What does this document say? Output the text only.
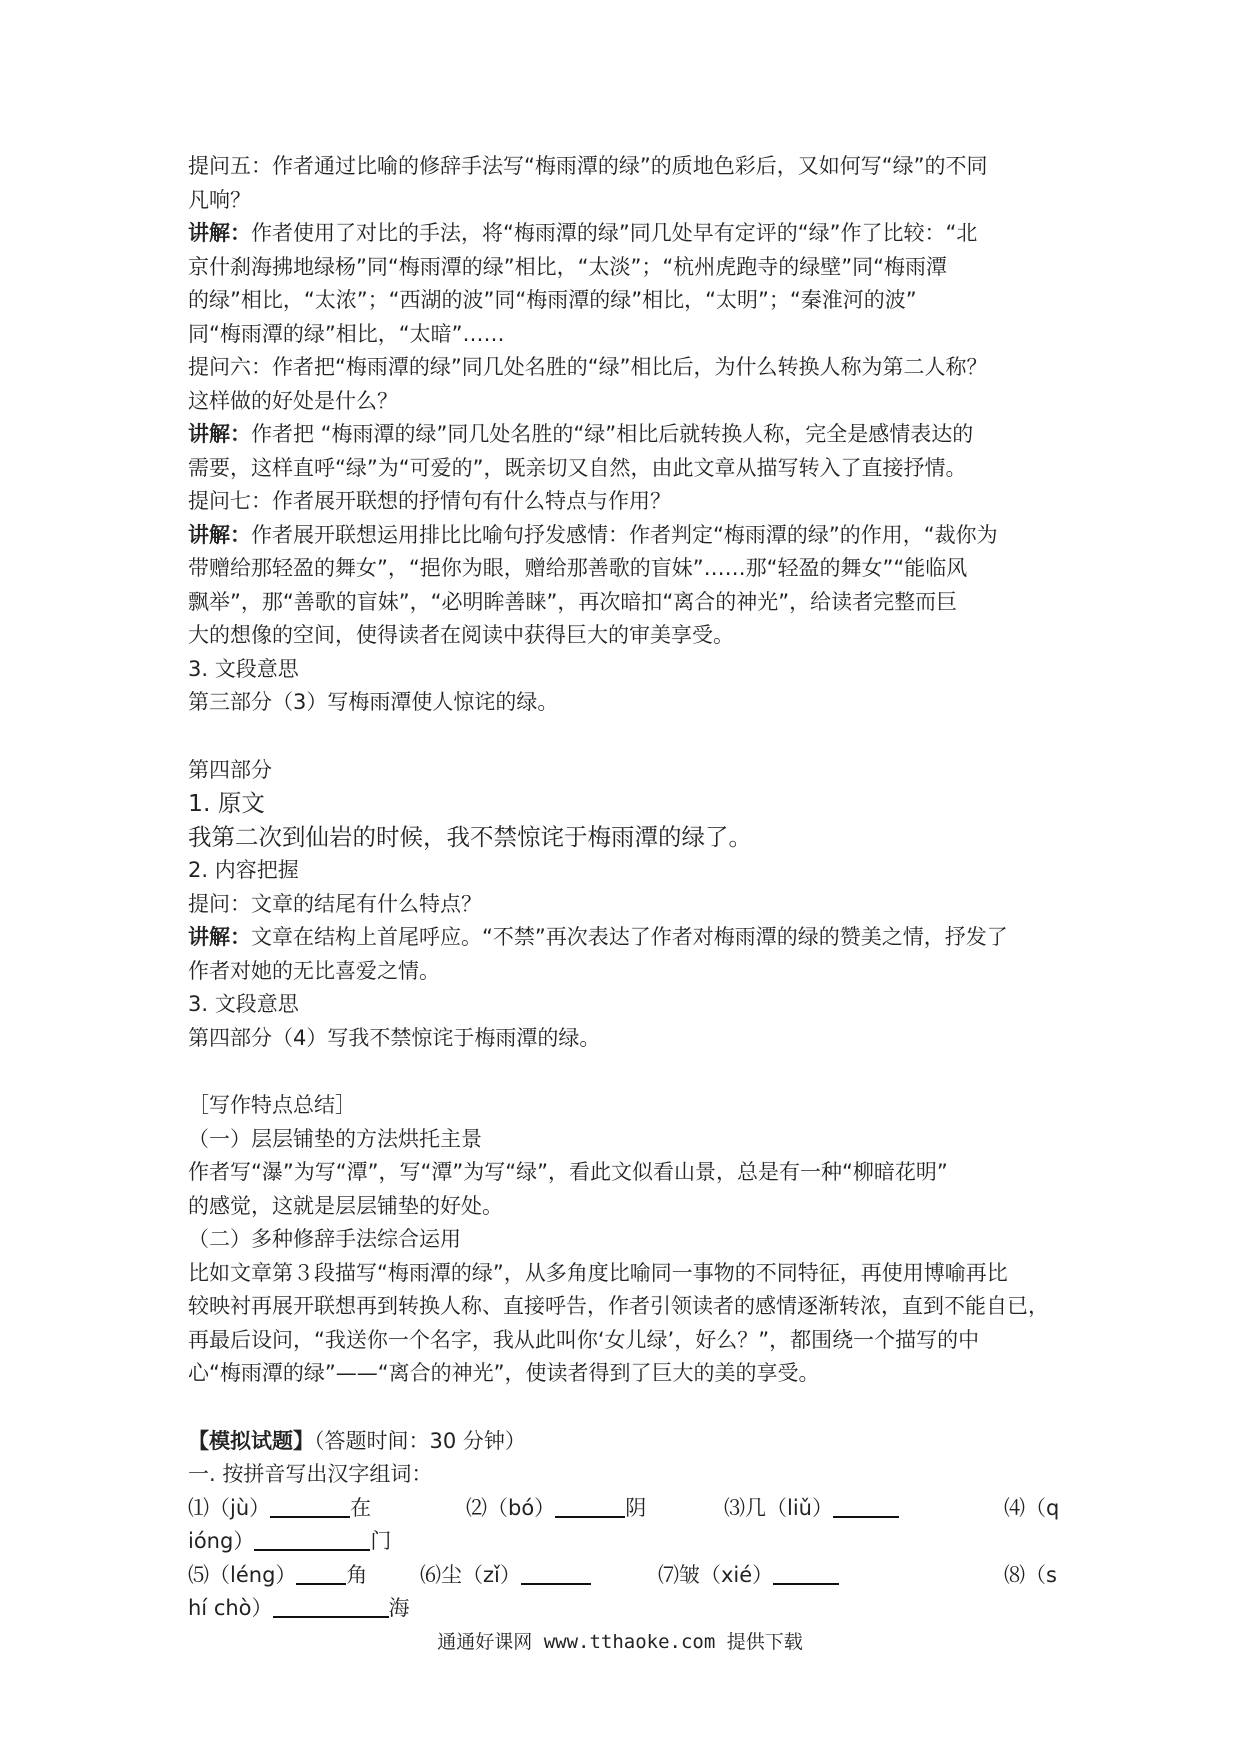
提问五：作者通过比喻的修辞手法写“梅雨潭的绿”的质地色彩后，又如何写“绿”的不同
凡响？
讲解：作者使用了对比的手法，将“梅雨潭的绿”同几处早有定评的“绿”作了比较：“北
京什刹海拂地绿杨”同“梅雨潭的绿”相比，“太淡”；“杭州虎跑寺的绿壁”同“梅雨潭
的绿”相比，“太浓”；“西湖的波”同“梅雨潭的绿”相比，“太明”；“秦淮河的波”
同“梅雨潭的绿”相比，“太暗”……
提问六：作者把“梅雨潭的绿”同几处名胜的“绿”相比后，为什么转换人称为第二人称？
这样做的好处是什么？
讲解：作者把 “梅雨潭的绿”同几处名胜的“绿”相比后就转换人称，完全是感情表达的
需要，这样直呼“绿”为“可爱的”，既亲切又自然，由此文章从描写转入了直接抒情。
提问七：作者展开联想的抒情句有什么特点与作用？
讲解：作者展开联想运用排比比喻句抒发感情：作者判定“梅雨潭的绿”的作用，“裁你为
带赠给那轻盈的舞女”，“挹你为眼，赠给那善歌的盲妹”……那“轻盈的舞女”“能临风
飘举”，那“善歌的盲妹”，“必明眸善睐”，再次暗扣“离合的神光”，给读者完整而巨
大的想像的空间，使得读者在阅读中获得巨大的审美享受。
3. 文段意思
第三部分（3）写梅雨潭使人惊诧的绿。
第四部分
1. 原文
我第二次到仙岩的时候，我不禁惊诧于梅雨潭的绿了。
2. 内容把握
提问：文章的结尾有什么特点？
讲解：文章在结构上首尾呼应。“不禁”再次表达了作者对梅雨潭的绿的赞美之情，抒发了
作者对她的无比喜爱之情。
3. 文段意思
第四部分（4）写我不禁惊诧于梅雨潭的绿。
［写作特点总结］
（一）层层铺垫的方法烘托主景
作者写“瀑”为写“潭”，写“潭”为写“绿”，看此文似看山景，总是有一种“柳暗花明”
的感觉，这就是层层铺垫的好处。
（二）多种修辞手法综合运用
比如文章第３段描写“梅雨潭的绿”，从多角度比喻同一事物的不同特征，再使用博喻再比
较映衬再展开联想再到转换人称、直接呼告，作者引领读者的感情逐渐转浓，直到不能自已，
再最后设问，“我送你一个名字，我从此叫你‘女儿绿’，好么？”，都围绕一个描写的中
心“梅雨潭的绿”——“离合的神光”，使读者得到了巨大的美的享受。
【模拟试题】（答题时间：30 分钟）
一. 按拼音写出汉字组词：
⑴（jù）	在	⑵（bó）	阴	⑶几（liǔ）	⑷（q
ióng）	门
⑸（léng） 角	⑹尘（zǐ）	⑺皱（xié）	⑻（s
hí chò）	海
通通好课网 www.tthaoke.com 提供下载
